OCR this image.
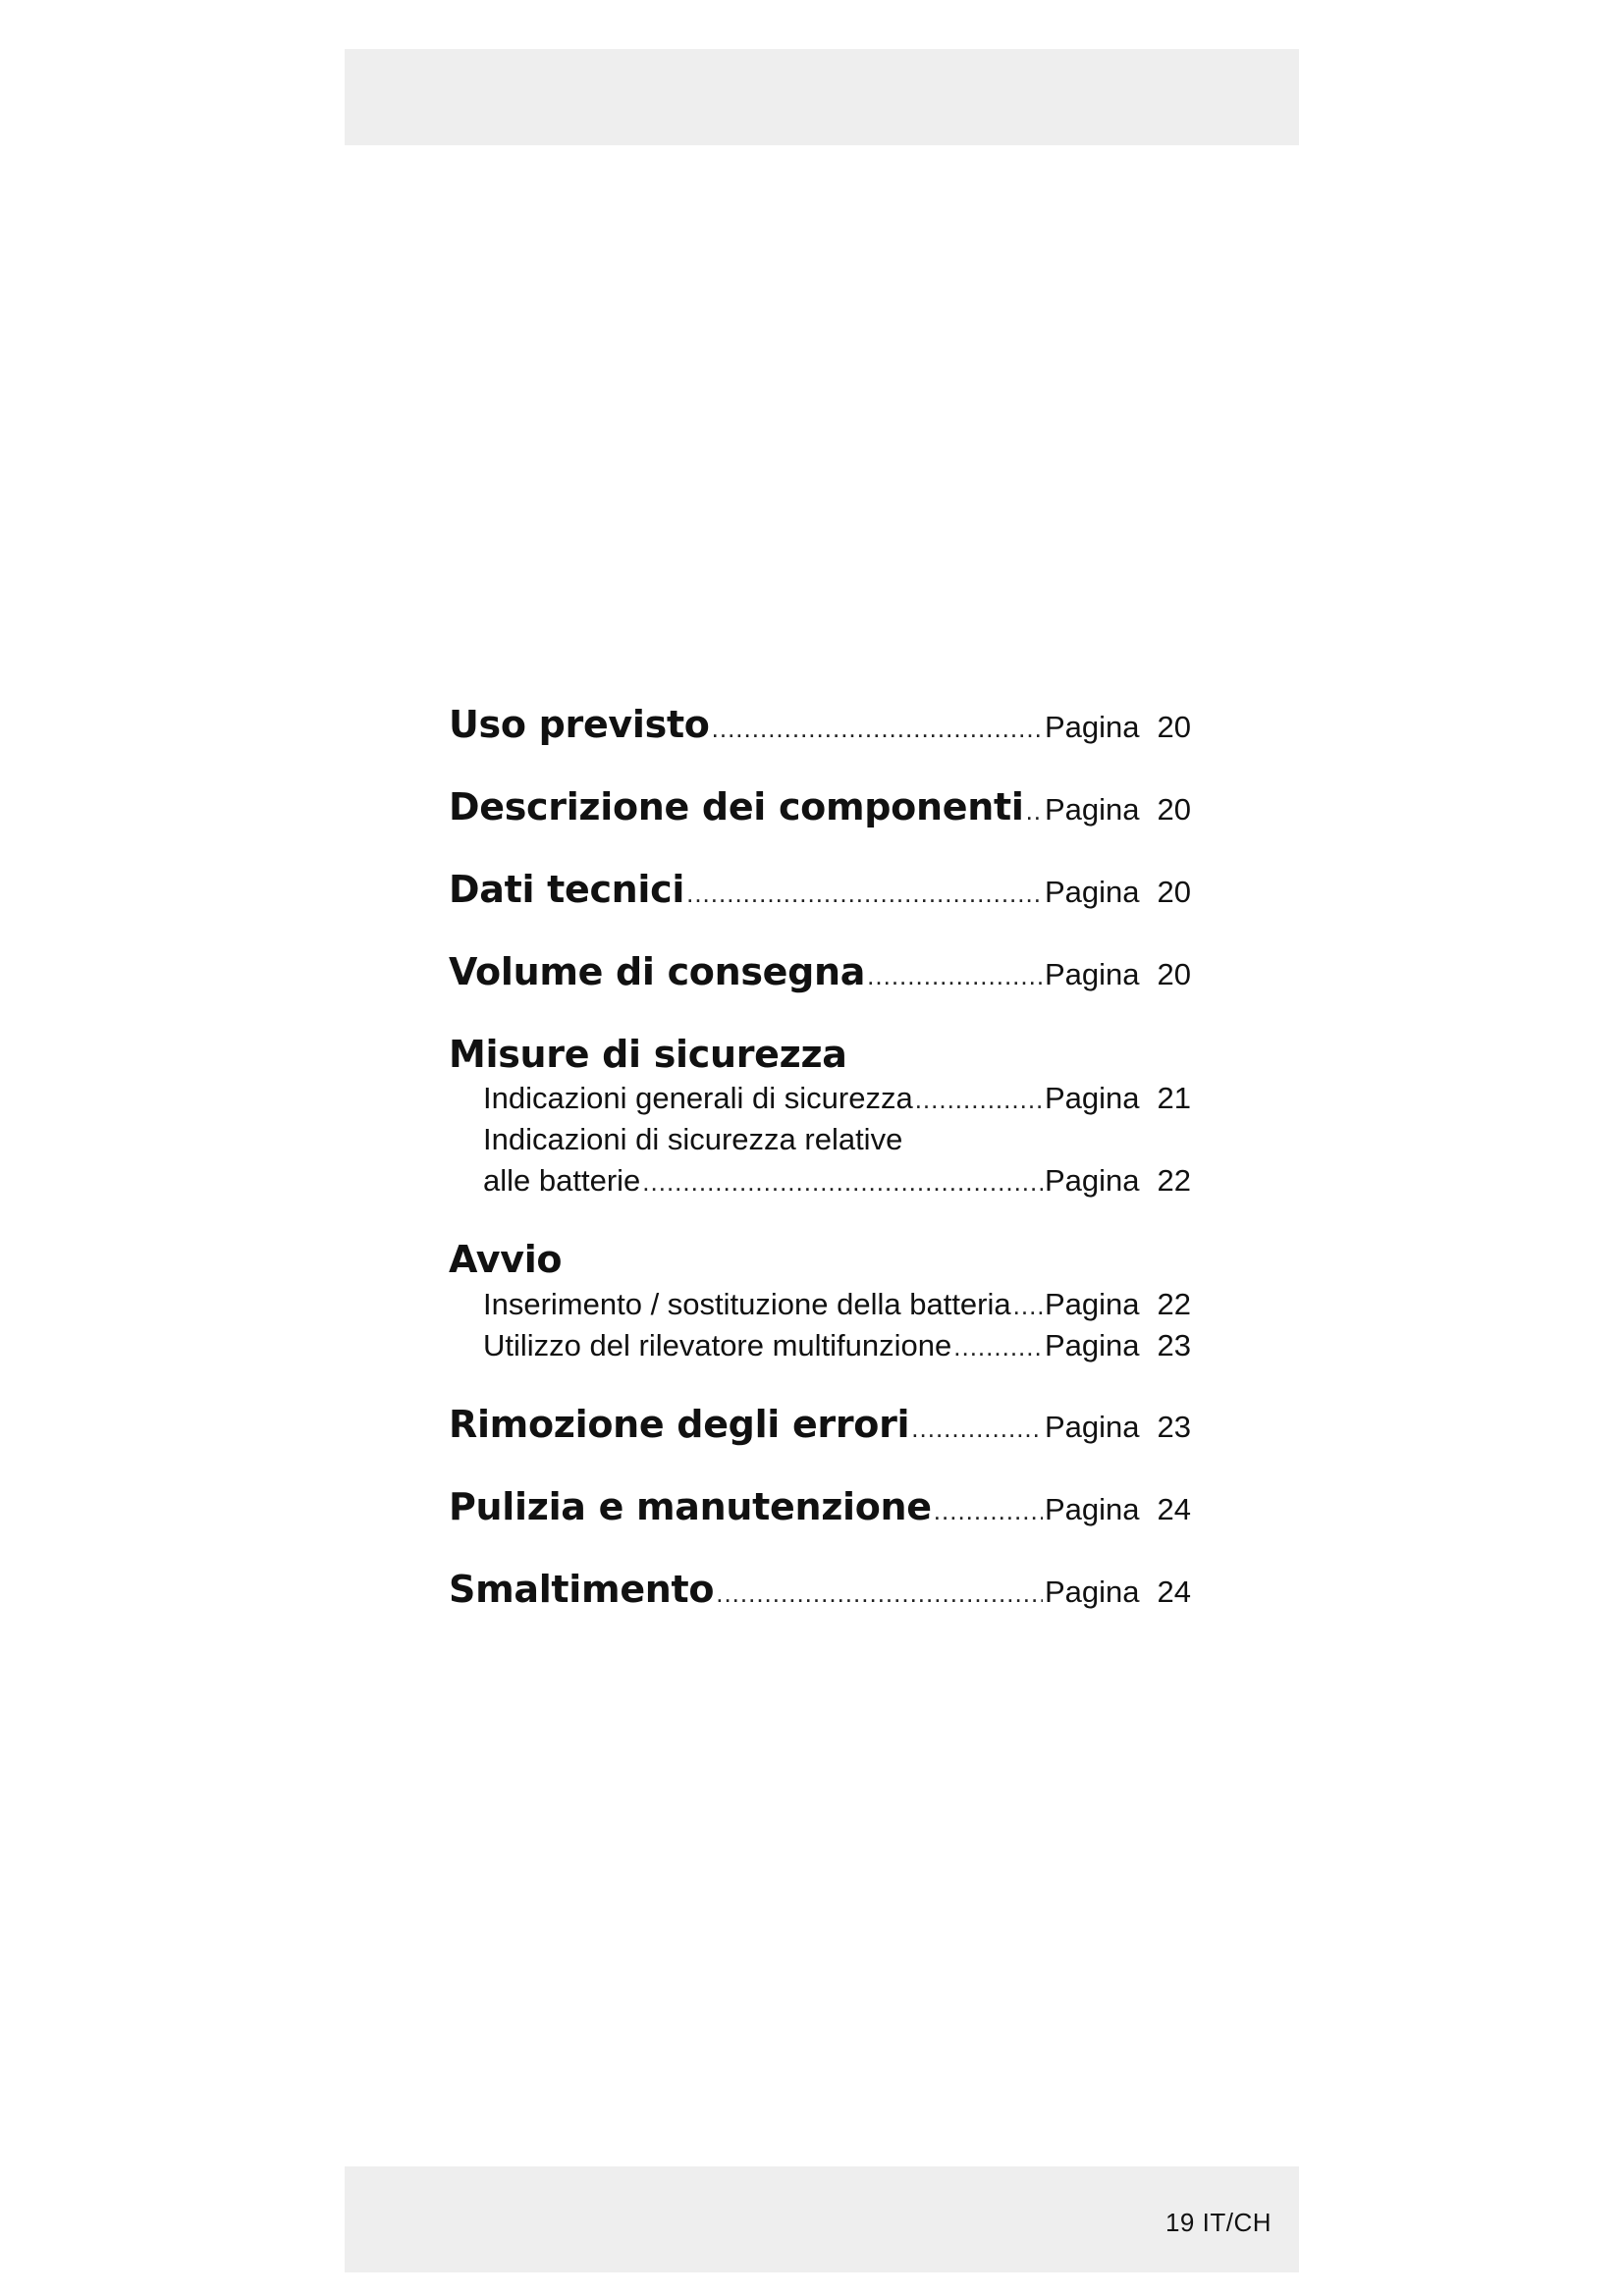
Uso previsto .....	Pagina 20
Descrizione dei componenti ..... Pagina 20
Dati tecnici .....	Pagina 20
Volume di consegna .....	Pagina 20
Misure di sicurezza
Indicazioni generali di sicurezza .....	Pagina 21
Indicazioni di sicurezza relative
alle batterie .....	Pagina 22
Avvio
Inserimento / sostituzione della batteria ..... Pagina 22
Utilizzo del rilevatore multifunzione .....	Pagina 23
Rimozione degli errori .....	Pagina 23
Pulizia e manutenzione .....	Pagina 24
Smaltimento .....	Pagina 24
19 IT/CH
